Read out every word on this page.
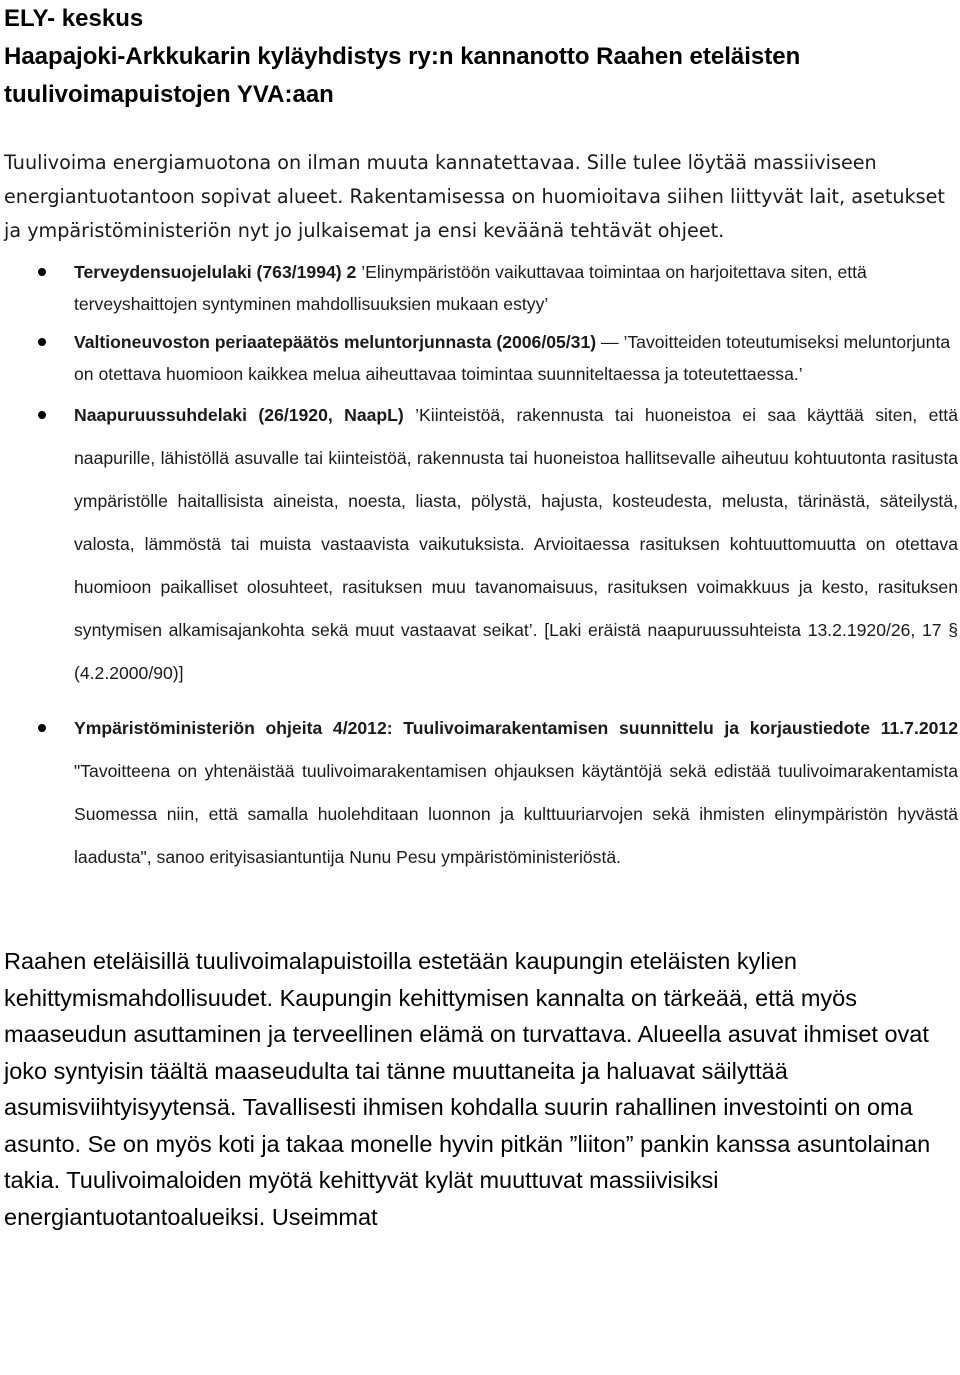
ELY- keskus

Haapajoki-Arkkukarin kyläyhdistys ry:n kannanotto Raahen eteläisten tuulivoimapuistojen YVA:aan

Tuulivoima energiamuotona on ilman muuta kannatettavaa. Sille tulee löytää massiiviseen energiantuotantoon sopivat alueet. Rakentamisessa on huomioitava siihen liittyvät lait, asetukset ja ympäristöministeriön nyt jo julkaisemat ja ensi keväänä tehtävät ohjeet.

Terveydensuojelulaki (763/1994) 2 ’Elinympäristöön vaikuttavaa toimintaa on harjoitettava siten, että terveyshaittojen syntyminen mahdollisuuksien mukaan estyy’
Valtioneuvoston periaatepäätös meluntorjunnasta (2006/05/31) ― ’Tavoitteiden toteutumiseksi meluntorjunta on otettava huomioon kaikkea melua aiheuttavaa toimintaa suunniteltaessa ja toteutettaessa.’
Naapuruussuhdelaki (26/1920, NaapL) ’Kiinteistöä, rakennusta tai huoneistoa ei saa käyttää siten, että naapurille, lähistöllä asuvalle tai kiinteistöä, rakennusta tai huoneistoa hallitsevalle aiheutuu kohtuutonta rasitusta ympäristölle haitallisista aineista, noesta, liasta, pölystä, hajusta, kosteudesta, melusta, tärinästä, säteilystä, valosta, lämmöstä tai muista vastaavista vaikutuksista. Arvioitaessa rasituksen kohtuuttomuutta on otettava huomioon paikalliset olosuhteet, rasituksen muu tavanomaisuus, rasituksen voimakkuus ja kesto, rasituksen syntymisen alkamisajankohta sekä muut vastaavat seikat’. [Laki eräistä naapuruussuhteista 13.2.1920/26, 17 § (4.2.2000/90)]
Ympäristöministeriön ohjeita 4/2012: Tuulivoimarakentamisen suunnittelu ja korjaustiedote 11.7.2012 "Tavoitteena on yhtenäistää tuulivoimarakentamisen ohjauksen käytäntöjä sekä edistää tuulivoimarakentamista Suomessa niin, että samalla huolehditaan luonnon ja kulttuuriarvojen sekä ihmisten elinympäristön hyvästä laadusta", sanoo erityisasiantuntija Nunu Pesu ympäristöministeriöstä.

Raahen eteläisillä tuulivoimalapuistoilla estetään kaupungin eteläisten kylien kehittymismahdollisuudet. Kaupungin kehittymisen kannalta on tärkeää, että myös maaseudun asuttaminen ja terveellinen elämä on turvattava. Alueella asuvat ihmiset ovat joko syntyisin täältä maaseudulta tai tänne muuttaneita ja haluavat säilyttää asumisviihtyisyytensä. Tavallisesti ihmisen kohdalla suurin rahallinen investointi on oma asunto. Se on myös koti ja takaa monelle hyvin pitkän ”liiton” pankin kanssa asuntolainan takia. Tuulivoimaloiden myötä kehittyvät kylät muuttuvat massiivisiksi energiantuotantoalueiksi. Useimmat
